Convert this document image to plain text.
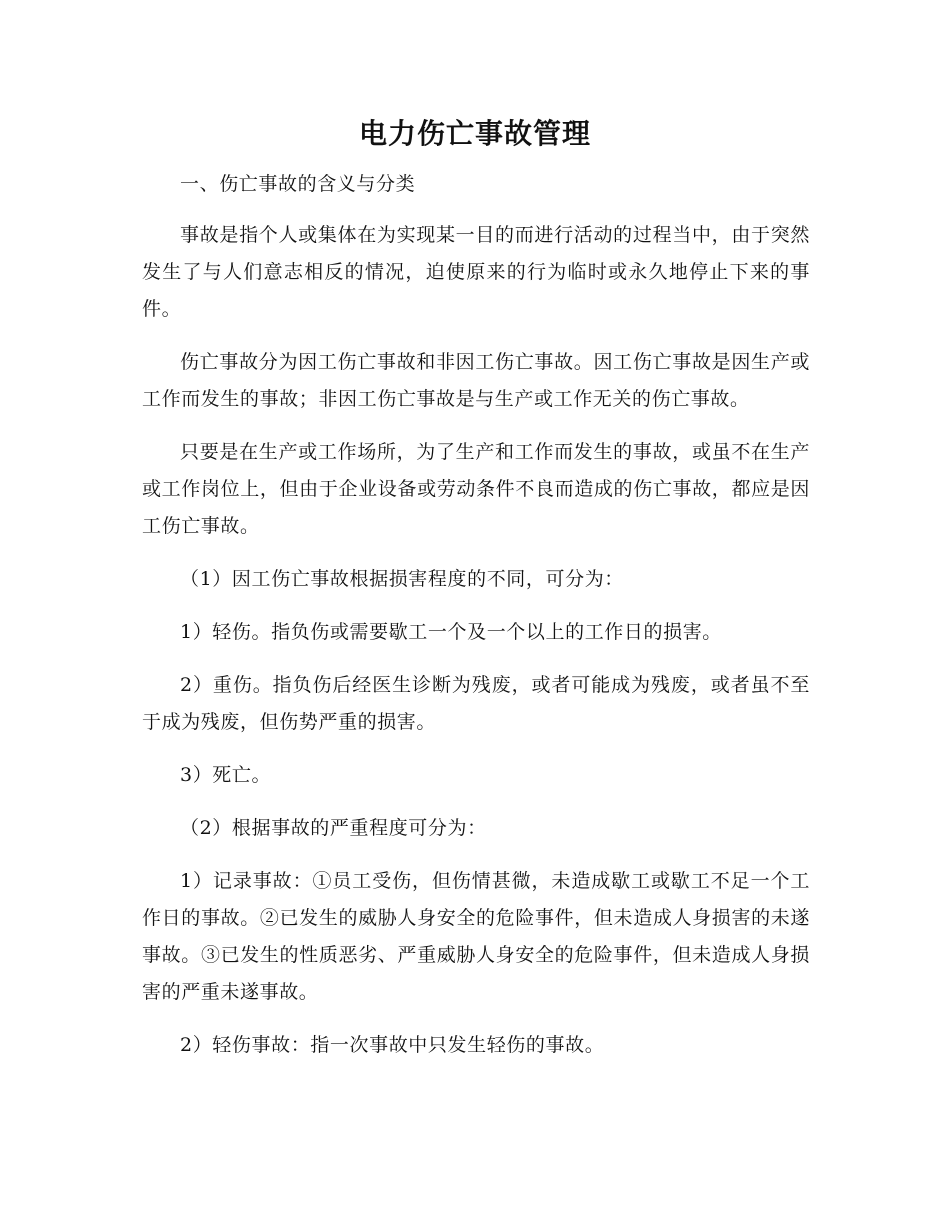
电力伤亡事故管理

一、伤亡事故的含义与分类

事故是指个人或集体在为实现某一目的而进行活动的过程当中，由于突然发生了与人们意志相反的情况，迫使原来的行为临时或永久地停止下来的事件。

伤亡事故分为因工伤亡事故和非因工伤亡事故。因工伤亡事故是因生产或工作而发生的事故；非因工伤亡事故是与生产或工作无关的伤亡事故。

只要是在生产或工作场所，为了生产和工作而发生的事故，或虽不在生产或工作岗位上，但由于企业设备或劳动条件不良而造成的伤亡事故，都应是因工伤亡事故。

（1）因工伤亡事故根据损害程度的不同，可分为：

1）轻伤。指负伤或需要歇工一个及一个以上的工作日的损害。

2）重伤。指负伤后经医生诊断为残废，或者可能成为残废，或者虽不至于成为残废，但伤势严重的损害。

3）死亡。

（2）根据事故的严重程度可分为：

1）记录事故：①员工受伤，但伤情甚微，未造成歇工或歇工不足一个工作日的事故。②已发生的威胁人身安全的危险事件，但未造成人身损害的未遂事故。③已发生的性质恶劣、严重威胁人身安全的危险事件，但未造成人身损害的严重未遂事故。

2）轻伤事故：指一次事故中只发生轻伤的事故。
